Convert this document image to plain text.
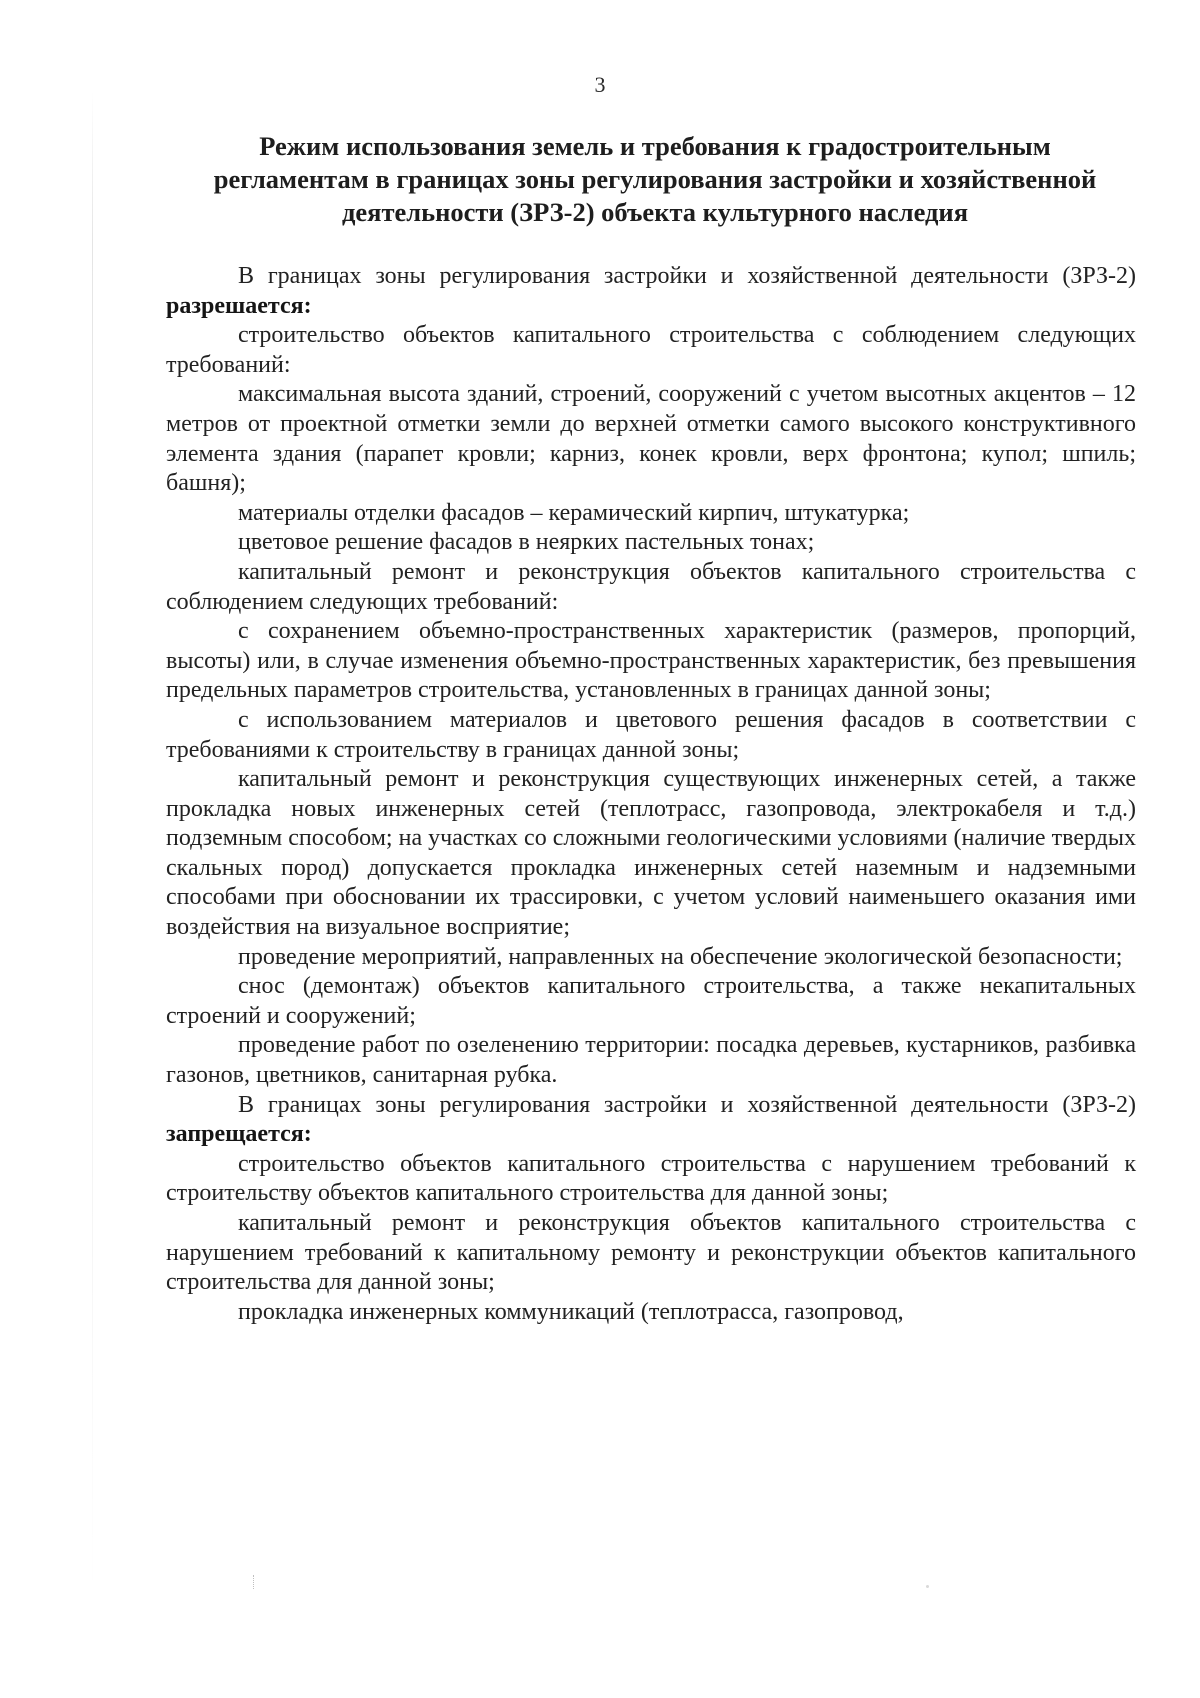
3
Режим использования земель и требования к градостроительным
регламентам в границах зоны регулирования застройки и хозяйственной
деятельности (ЗРЗ-2) объекта культурного наследия

В границах зоны регулирования застройки и хозяйственной деятельности (ЗРЗ-2) разрешается:

строительство объектов капитального строительства с соблюдением следующих требований:

максимальная высота зданий, строений, сооружений с учетом высотных акцентов – 12 метров от проектной отметки земли до верхней отметки самого высокого конструктивного элемента здания (парапет кровли; карниз, конек кровли, верх фронтона; купол; шпиль; башня);

материалы отделки фасадов – керамический кирпич, штукатурка;

цветовое решение фасадов в неярких пастельных тонах;

капитальный ремонт и реконструкция объектов капитального строительства с соблюдением следующих требований:

с сохранением объемно-пространственных характеристик (размеров, пропорций, высоты) или, в случае изменения объемно-пространственных характеристик, без превышения предельных параметров строительства, установленных в границах данной зоны;

с использованием материалов и цветового решения фасадов в соответствии с требованиями к строительству в границах данной зоны;

капитальный ремонт и реконструкция существующих инженерных сетей, а также прокладка новых инженерных сетей (теплотрасс, газопровода, электрокабеля и т.д.) подземным способом; на участках со сложными геологическими условиями (наличие твердых скальных пород) допускается прокладка инженерных сетей наземным и надземными способами при обосновании их трассировки, с учетом условий наименьшего оказания ими воздействия на визуальное восприятие;

проведение мероприятий, направленных на обеспечение экологической безопасности;

снос (демонтаж) объектов капитального строительства, а также некапитальных строений и сооружений;

проведение работ по озеленению территории: посадка деревьев, кустарников, разбивка газонов, цветников, санитарная рубка.

В границах зоны регулирования застройки и хозяйственной деятельности (ЗРЗ-2) запрещается:

строительство объектов капитального строительства с нарушением требований к строительству объектов капитального строительства для данной зоны;

капитальный ремонт и реконструкция объектов капитального строительства с нарушением требований к капитальному ремонту и реконструкции объектов капитального строительства для данной зоны;

прокладка инженерных коммуникаций (теплотрасса, газопровод,
